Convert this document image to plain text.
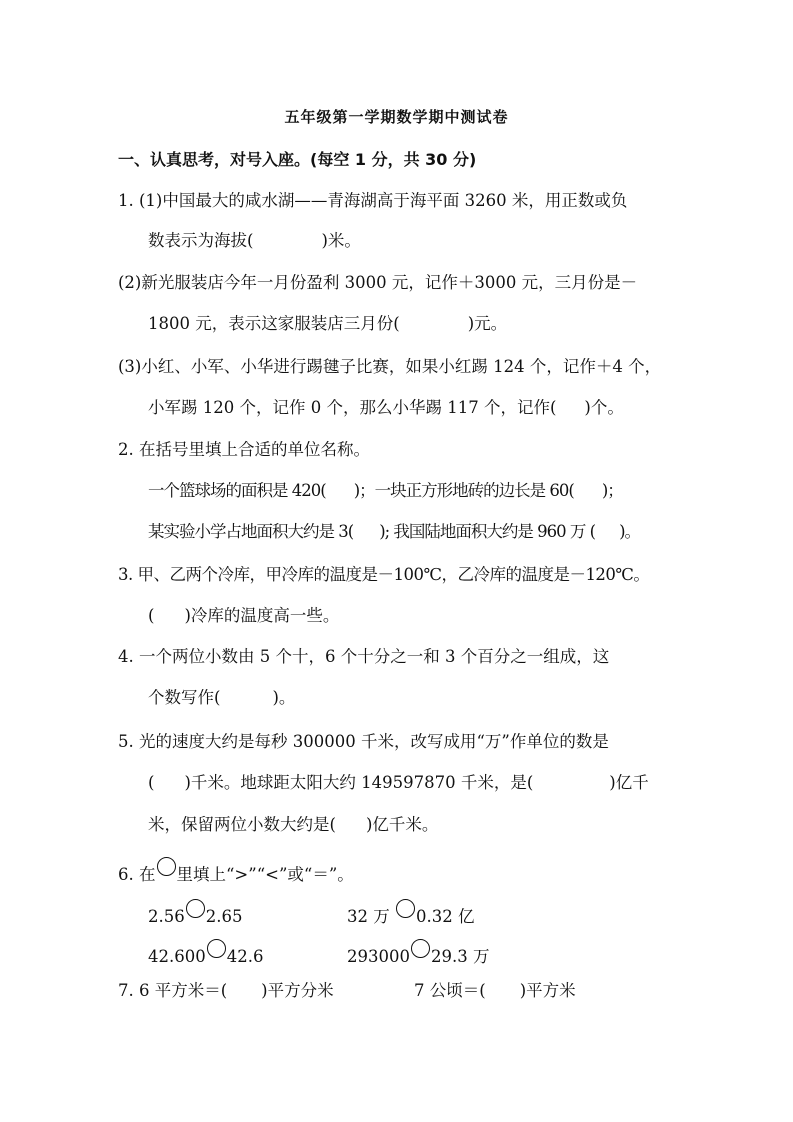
五年级第一学期数学期中测试卷
一、认真思考，对号入座。(每空 1 分，共 30 分)
1. (1)中国最大的咸水湖——青海湖高于海平面 3260 米，用正数或负
数表示为海拔(	)米。
(2)新光服装店今年一月份盈利 3000 元，记作＋3000 元，三月份是－
1800 元，表示这家服装店三月份(	)元。
(3)小红、小军、小华进行踢毽子比赛，如果小红踢 124 个，记作＋4 个，
小军踢 120 个，记作 0 个，那么小华踢 117 个，记作( )个。
2. 在括号里填上合适的单位名称。
一个篮球场的面积是 420( )；一块正方形地砖的边长是 60( )；
某实验小学占地面积大约是 3( ); 我国陆地面积大约是 960 万 ( )。
3. 甲、乙两个冷库，甲冷库的温度是－100℃，乙冷库的温度是－120℃。
( )冷库的温度高一些。
4. 一个两位小数由 5 个十，6 个十分之一和 3 个百分之一组成，这
个数写作(	)。
5. 光的速度大约是每秒 300000 千米，改写成用“万”作单位的数是
( )千米。地球距太阳大约 149597870 千米，是(	)亿千
米，保留两位小数大约是( )亿千米。
6. 在 里填上“>”“<”或“＝”。
2.56 2.65	32 万 0.32 亿
42.600 42.6	293000 29.3 万
7. 6 平方米＝( )平方分米	7 公顷＝( )平方米
